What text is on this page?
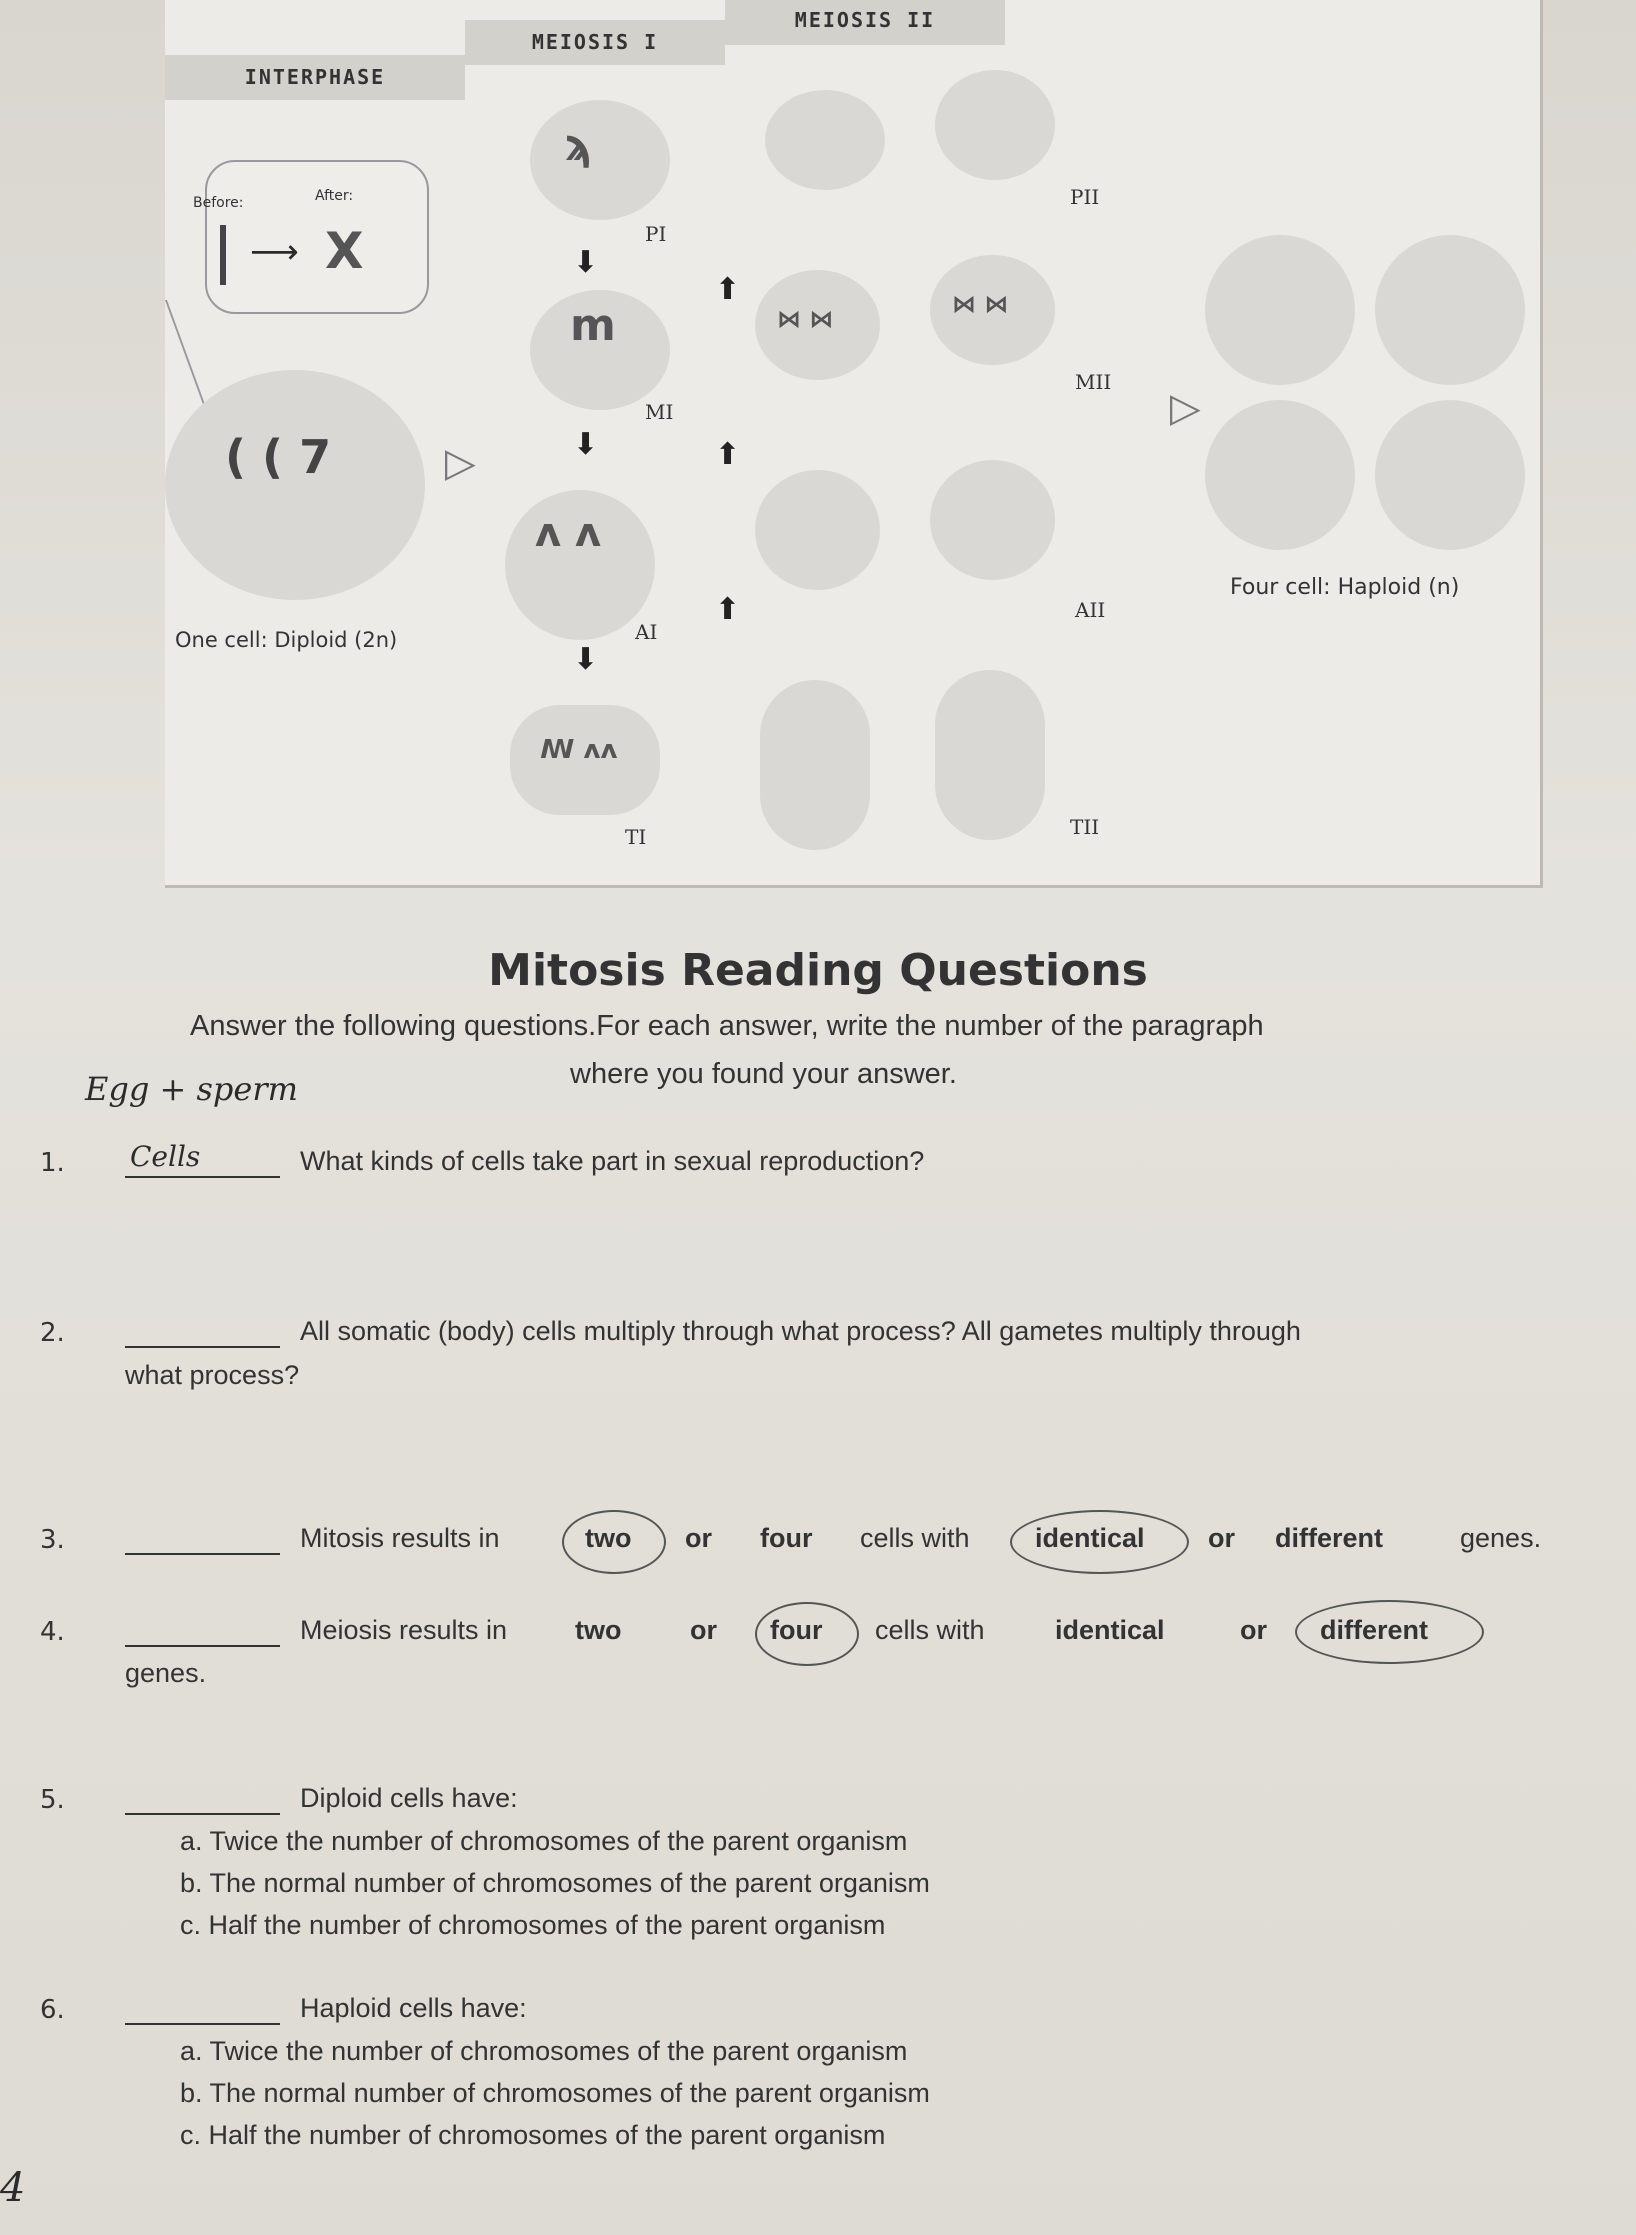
INTERPHASE
MEIOSIS I
MEIOSIS II
Before:	After:
⟶ X
( ( 7
One cell: Diploid (2n)
▷
ϡ
PI
m
MI
ᴧ ᴧ
AI
ꟿ ᴧᴧ
TI
⬇
⬇
⬇
⬆
⬆
⬆
PII
⋈ ⋈
⋈ ⋈
MII
AII
TII
▷
Four cell: Haploid (n)
Mitosis Reading Questions
Answer the following questions.For each answer, write the number of the paragraph
where you found your answer.
Egg + sperm
1. Cells	What kinds of cells take part in sexual reproduction?
2.	All somatic (body) cells multiply through what process? All gametes multiply through
what process?
3.	Mitosis results in	two or four cells with identical or different	genes.
4.	Meiosis results in	two	or four cells with	identical	or different
genes.
5.	Diploid cells have:
a. Twice the number of chromosomes of the parent organism
b. The normal number of chromosomes of the parent organism
c. Half the number of chromosomes of the parent organism
6.	Haploid cells have:
a. Twice the number of chromosomes of the parent organism
b. The normal number of chromosomes of the parent organism
c. Half the number of chromosomes of the parent organism
4
